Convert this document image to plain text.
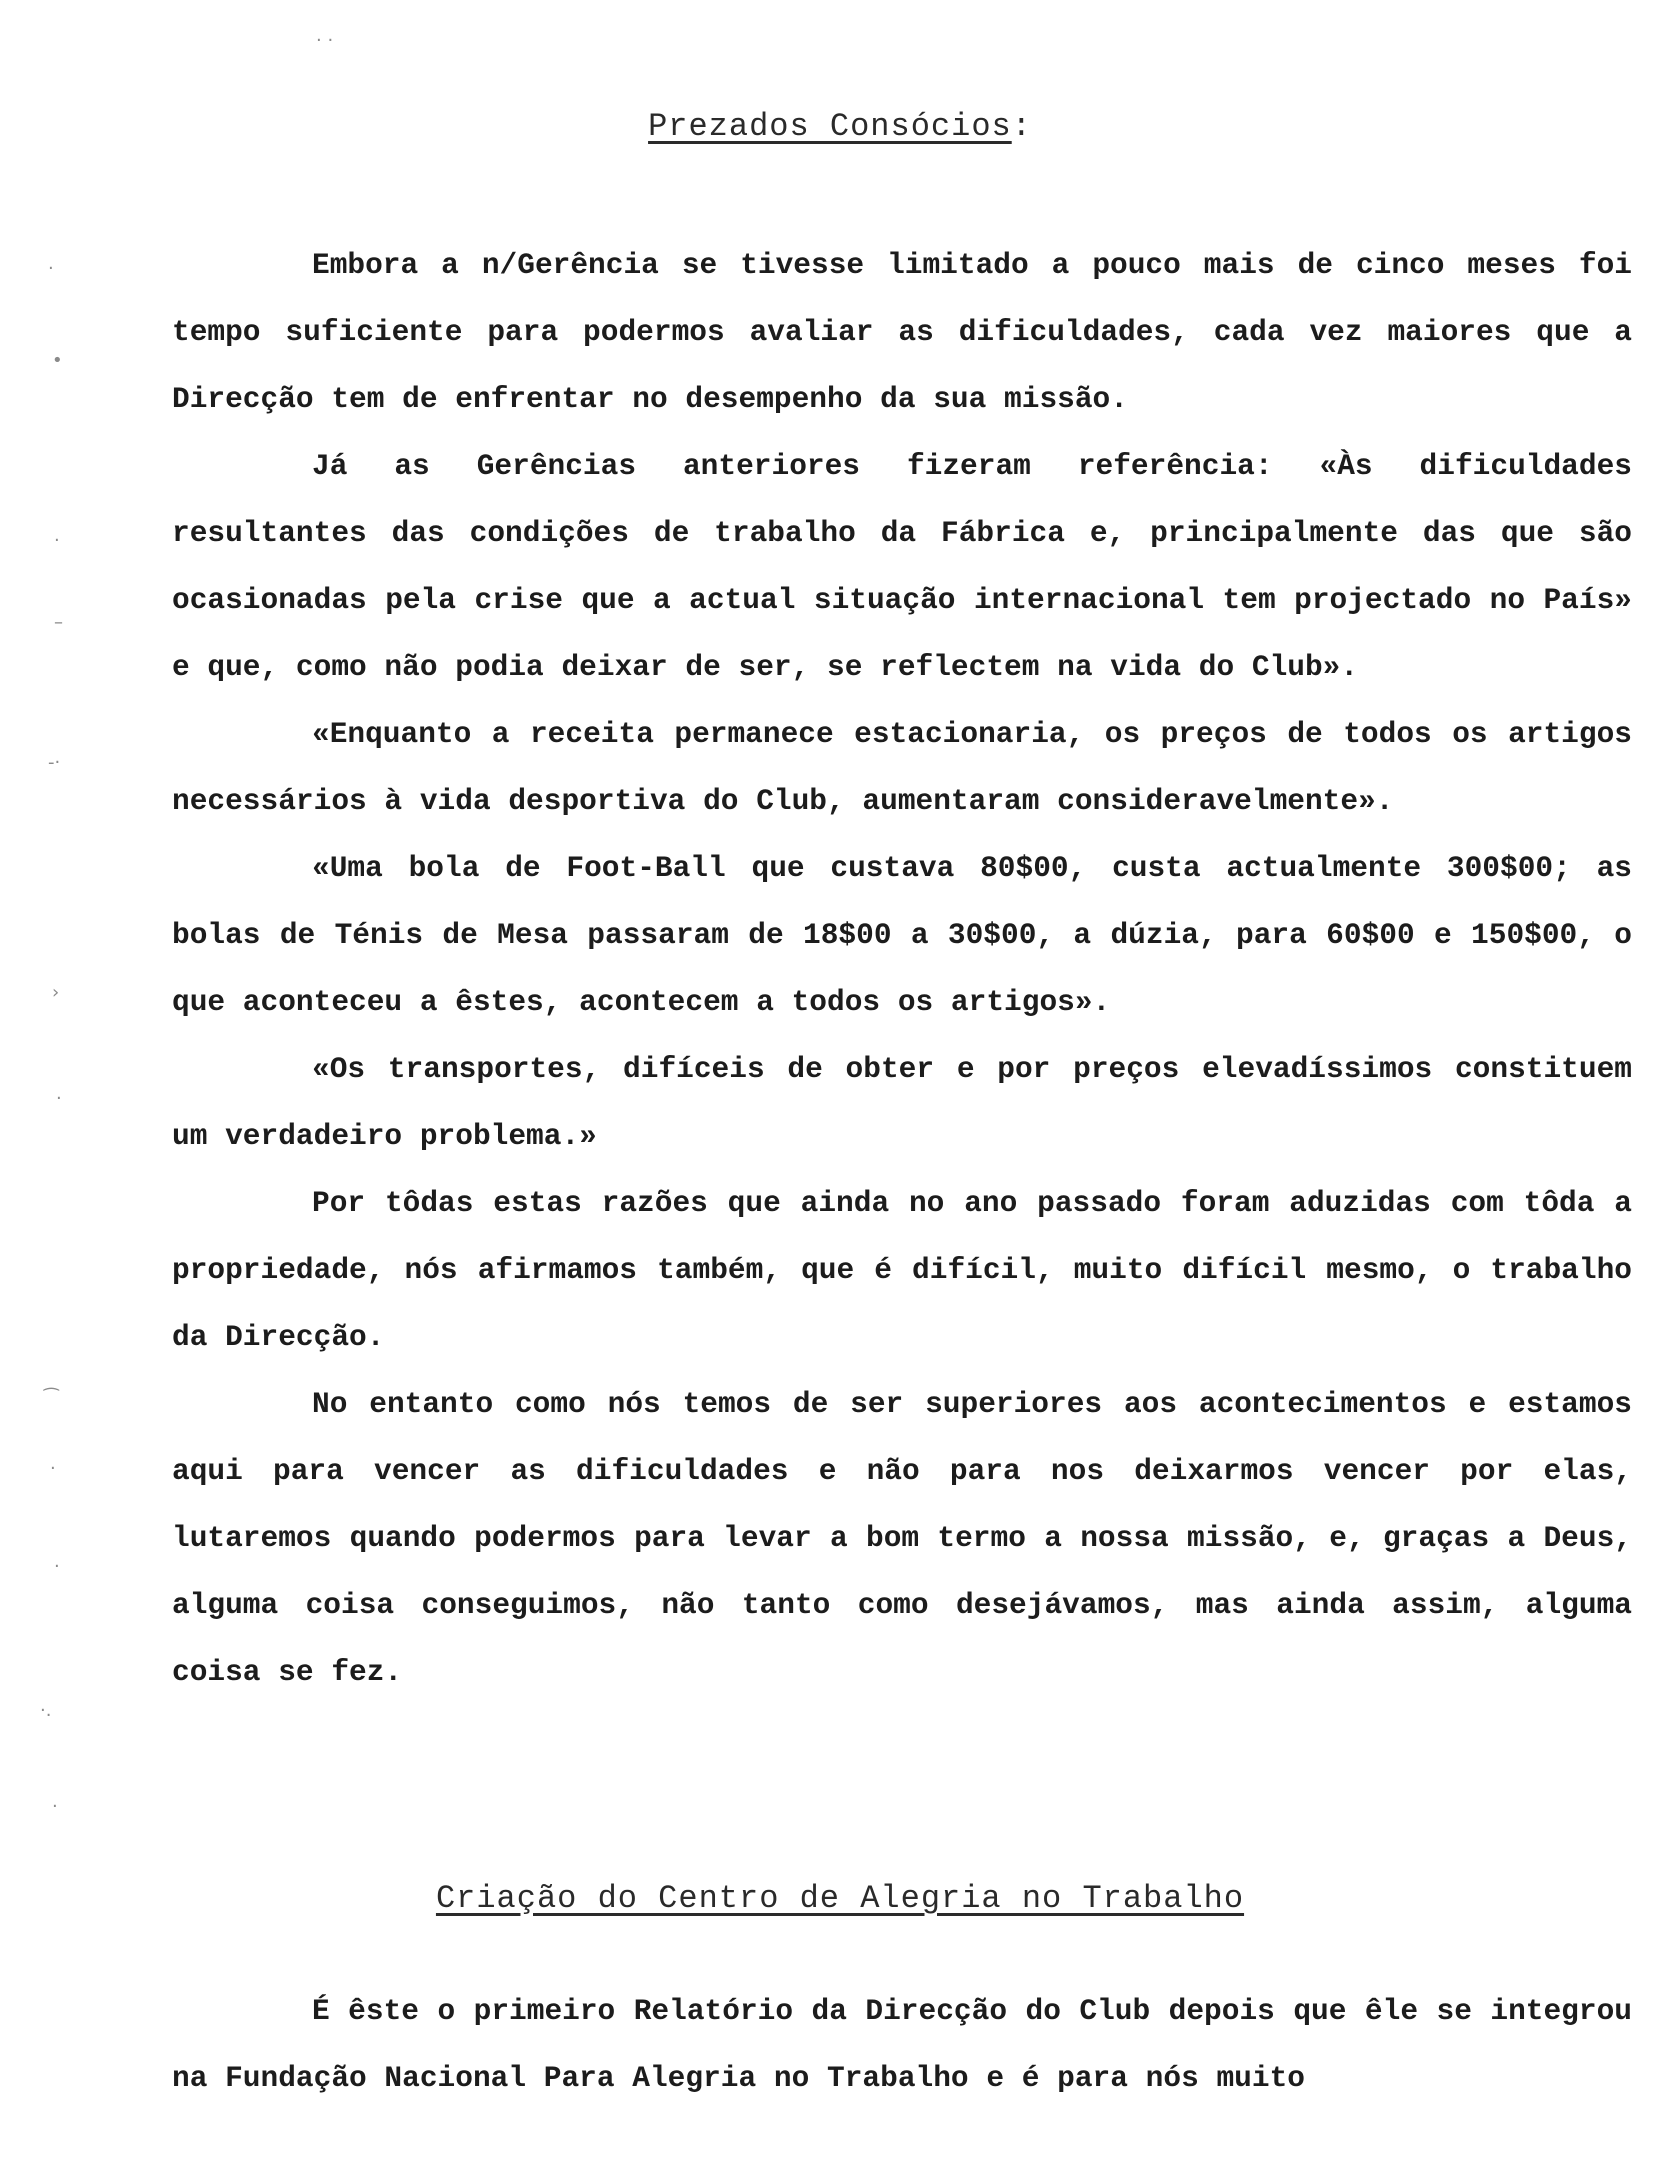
· ·
·
•
·
–
-·
›
·
⁀
·
·
·.
·
Prezados Consócios:

Embora a n/Gerência se tivesse limitado a pouco mais de cinco meses foi tempo suficiente para podermos avaliar as dificuldades, cada vez maiores que a Direcção tem de enfrentar no desempenho da sua missão.

Já as Gerências anteriores fizeram referência: «Às dificuldades resultantes das condições de trabalho da Fábrica e, principalmente das que são ocasionadas pela crise que a actual situação internacional tem projectado no País» e que, como não podia deixar de ser, se reflectem na vida do Club».

«Enquanto a receita permanece estacionaria, os preços de todos os artigos necessários à vida desportiva do Club, aumentaram consideravelmente».

«Uma bola de Foot-Ball que custava 80$00, custa actualmente 300$00; as bolas de Ténis de Mesa passaram de 18$00 a 30$00, a dúzia, para 60$00 e 150$00, o que aconteceu a êstes, acontecem a todos os artigos».

«Os transportes, difíceis de obter e por preços elevadíssimos constituem um verdadeiro problema.»

Por tôdas estas razões que ainda no ano passado foram aduzidas com tôda a propriedade, nós afirmamos também, que é difícil, muito difícil mesmo, o trabalho da Direcção.

No entanto como nós temos de ser superiores aos acontecimentos e estamos aqui para vencer as dificuldades e não para nos deixarmos vencer por elas, lutaremos quando podermos para levar a bom termo a nossa missão, e, graças a Deus, alguma coisa conseguimos, não tanto como desejávamos, mas ainda assim, alguma coisa se fez.

Criação do Centro de Alegria no Trabalho

É êste o primeiro Relatório da Direcção do Club depois que êle se integrou na Fundação Nacional Para Alegria no Trabalho e é para nós muito
